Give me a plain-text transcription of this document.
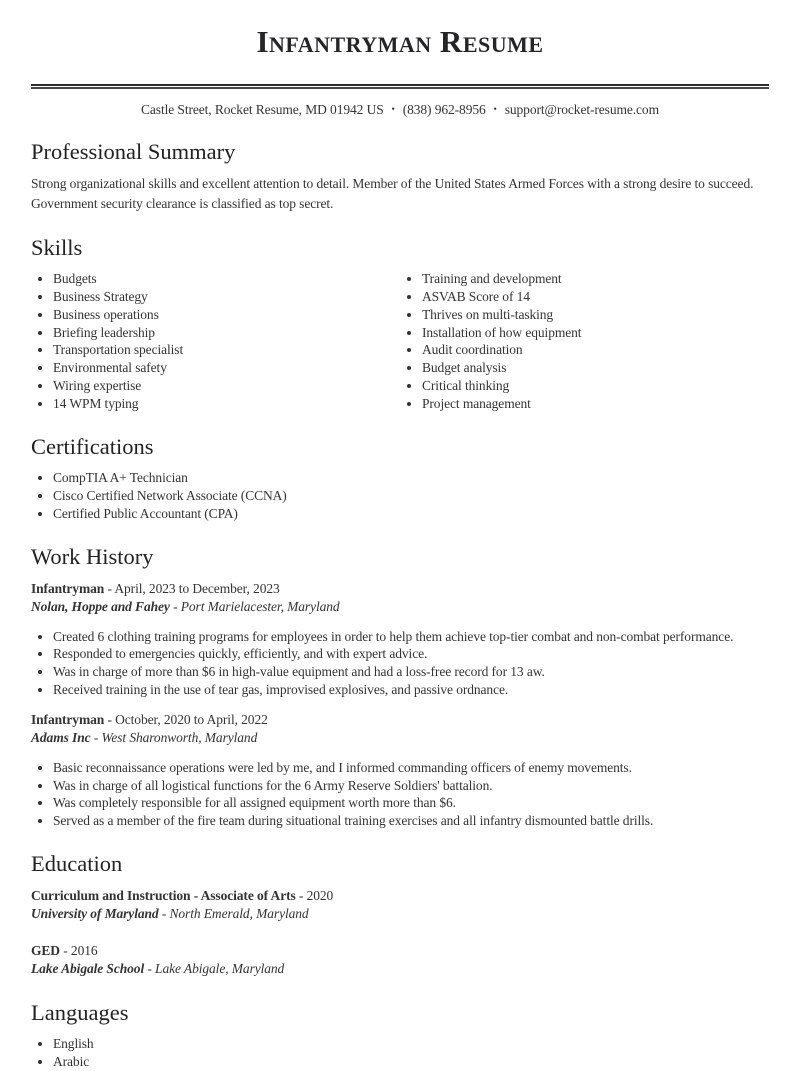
Infantryman Resume
Castle Street, Rocket Resume, MD 01942 US • (838) 962-8956 • support@rocket-resume.com
Professional Summary

Strong organizational skills and excellent attention to detail. Member of the United States Armed Forces with a strong desire to succeed. Government security clearance is classified as top secret.

Skills
• Budgets
• Business Strategy
• Business operations
• Briefing leadership
• Transportation specialist
• Environmental safety
• Wiring expertise
• 14 WPM typing
• Training and development
• ASVAB Score of 14
• Thrives on multi-tasking
• Installation of how equipment
• Audit coordination
• Budget analysis
• Critical thinking
• Project management
Certifications
• CompTIA A+ Technician
• Cisco Certified Network Associate (CCNA)
• Certified Public Accountant (CPA)
Work History
Infantryman - April, 2023 to December, 2023
Nolan, Hoppe and Fahey - Port Marielacester, Maryland
• Created 6 clothing training programs for employees in order to help them achieve top-tier combat and non-combat performance.
• Responded to emergencies quickly, efficiently, and with expert advice.
• Was in charge of more than $6 in high-value equipment and had a loss-free record for 13 aw.
• Received training in the use of tear gas, improvised explosives, and passive ordnance.
Infantryman - October, 2020 to April, 2022
Adams Inc - West Sharonworth, Maryland
• Basic reconnaissance operations were led by me, and I informed commanding officers of enemy movements.
• Was in charge of all logistical functions for the 6 Army Reserve Soldiers' battalion.
• Was completely responsible for all assigned equipment worth more than $6.
• Served as a member of the fire team during situational training exercises and all infantry dismounted battle drills.
Education
Curriculum and Instruction - Associate of Arts - 2020
University of Maryland - North Emerald, Maryland
GED - 2016
Lake Abigale School - Lake Abigale, Maryland
Languages
• English
• Arabic
